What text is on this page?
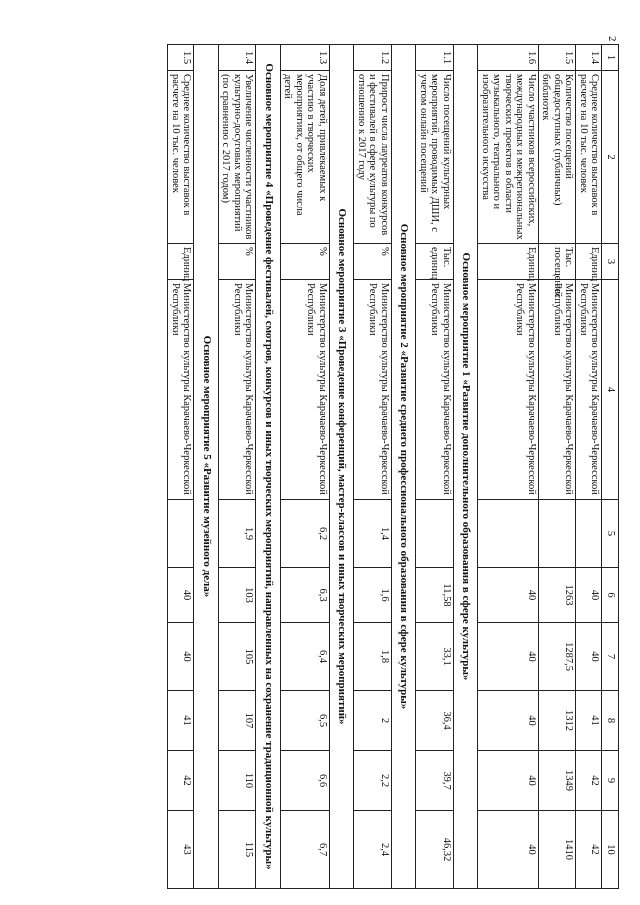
2
1	2	3	4	5	6	7	8	9	10
1.4	Среднее количество выставок в расчете на 10 тыс. человек	Единиц	Министерство культуры Карачаево-Черкесской Республики		40	40	41	42	42
1.5	Количество посещений общедоступных (публичных) библиотек	Тыс. посещений	Министерство культуры Карачаево-Черкесской Республики		1263	1287,5	1312	1349	1410
1.6	Число участников всероссийских, международных и межрегиональных творческих проектов в области музыкального, театрального и изобразительного искусства	Единиц	Министерство культуры Карачаево-Черкесской Республики		40	40	40	40	40
Основное мероприятие 1 «Развитие дополнительного образования в сфере культуры»									
1.1	Число посещений культурных мероприятий, проводимых ДШИ, с учетом онлайн посещений	Тыс. единиц	Министерство культуры Карачаево-Черкесской Республики		11,58	33,1	36,4	39,7	46,32
Основное мероприятие 2 «Развитие среднего профессионального образования в сфере культуры»									
1.2	Прирост числа лауреатов конкурсов и фестивалей в сфере культуры по отношению к 2017 году	%	Министерство культуры Карачаево-Черкесской Республики	1,4	1,6	1,8	2	2,2	2,4
Основное мероприятие 3 «Проведение конференций, мастер-классов и иных творческих мероприятий»									
1.3	Доля детей, привлекаемых к участию в творческих мероприятиях, от общего числа детей	%	Министерство культуры Карачаево-Черкесской Республики	6,2	6,3	6,4	6,5	6,6	6,7
Основное мероприятие 4 «Проведение фестивалей, смотров, конкурсов и иных творческих мероприятий, направленных на сохранение традиционной культуры»									
1.4	Увеличение численности участников культурно-досуговых мероприятий (по сравнению с 2017 годом)	%	Министерство культуры Карачаево-Черкесской Республики	1,9	103	105	107	110	115
Основное мероприятие 5 «Развитие музейного дела»									
1.5	Среднее количество выставок в расчете на 10 тыс. человек	Единиц	Министерство культуры Карачаево-Черкесской Республики		40	40	41	42	43
